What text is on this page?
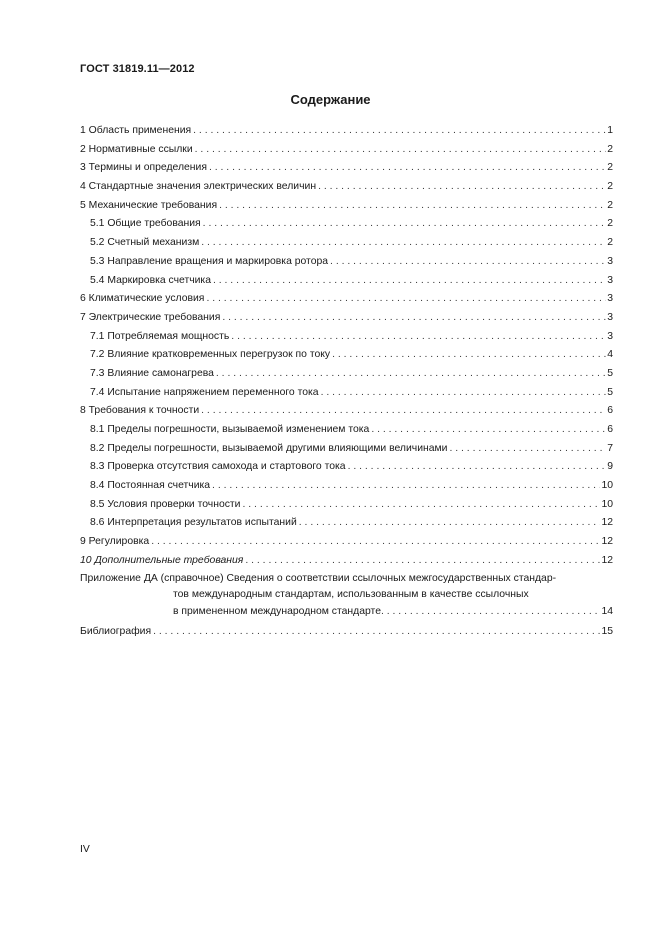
ГОСТ 31819.11—2012
Содержание
1 Область применения . . .	1
2 Нормативные ссылки . . .	2
3 Термины и определения . . .	2
4 Стандартные значения электрических величин . . .	2
5 Механические требования . . .	2
5.1 Общие требования . . .	2
5.2 Счетный механизм . . .	2
5.3 Направление вращения и маркировка ротора . . .	3
5.4 Маркировка счетчика . . .	3
6 Климатические условия . . .	3
7 Электрические требования . . .	3
7.1 Потребляемая мощность . . .	3
7.2 Влияние кратковременных перегрузок по току . . .	4
7.3 Влияние самонагрева . . .	5
7.4 Испытание напряжением переменного тока . . .	5
8 Требования к точности . . .	6
8.1 Пределы погрешности, вызываемой изменением тока . . .	6
8.2 Пределы погрешности, вызываемой другими влияющими величинами . . .	7
8.3 Проверка отсутствия самохода и стартового тока . . .	9
8.4 Постоянная счетчика . . .	10
8.5 Условия проверки точности . . .	10
8.6 Интерпретация результатов испытаний . . .	12
9 Регулировка . . .	12
10 Дополнительные требования . . .	12
Приложение ДА (справочное) Сведения о соответствии ссылочных межгосударственных стандар-
тов международным стандартам, использованным в качестве ссылочных
в примененном международном стандарте . . .	14
Библиография . . .	15
IV
